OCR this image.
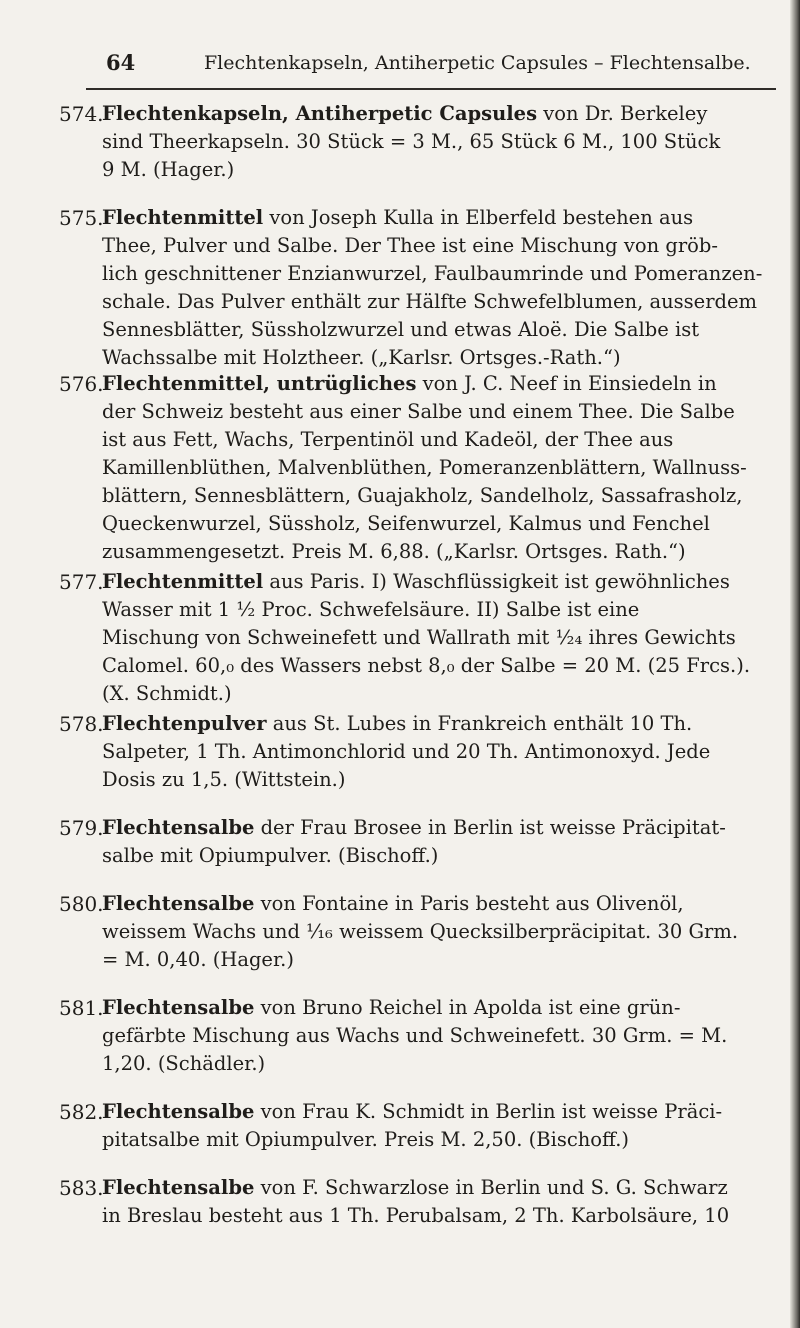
64	Flechtenkapseln, Antiherpetic Capsules – Flechtensalbe.
574.
Flechtenkapseln, Antiherpetic Capsules von Dr. Berkeley
sind Theerkapseln. 30 Stück = 3 M., 65 Stück 6 M., 100 Stück
9 M. (Hager.)
575.
Flechtenmittel von Joseph Kulla in Elberfeld bestehen aus
Thee, Pulver und Salbe. Der Thee ist eine Mischung von gröb-
lich geschnittener Enzianwurzel, Faulbaumrinde und Pomeranzen-
schale. Das Pulver enthält zur Hälfte Schwefelblumen, ausserdem
Sennesblätter, Süssholzwurzel und etwas Aloë. Die Salbe ist
Wachssalbe mit Holztheer. („Karlsr. Ortsges.-Rath.“)
576.
Flechtenmittel, untrügliches von J. C. Neef in Einsiedeln in
der Schweiz besteht aus einer Salbe und einem Thee. Die Salbe
ist aus Fett, Wachs, Terpentinöl und Kadeöl, der Thee aus
Kamillenblüthen, Malvenblüthen, Pomeranzenblättern, Wallnuss-
blättern, Sennesblättern, Guajakholz, Sandelholz, Sassafrasholz,
Queckenwurzel, Süssholz, Seifenwurzel, Kalmus und Fenchel
zusammengesetzt. Preis M. 6,88. („Karlsr. Ortsges. Rath.“)
577.
Flechtenmittel aus Paris. I) Waschflüssigkeit ist gewöhnliches
Wasser mit 1 ½ Proc. Schwefelsäure. II) Salbe ist eine
Mischung von Schweinefett und Wallrath mit ¹⁄₂₄ ihres Gewichts
Calomel. 60,₀ des Wassers nebst 8,₀ der Salbe = 20 M. (25 Frcs.).
(X. Schmidt.)
578.
Flechtenpulver aus St. Lubes in Frankreich enthält 10 Th.
Salpeter, 1 Th. Antimonchlorid und 20 Th. Antimonoxyd. Jede
Dosis zu 1,5. (Wittstein.)
579.
Flechtensalbe der Frau Brosee in Berlin ist weisse Präcipitat-
salbe mit Opiumpulver. (Bischoff.)
580.
Flechtensalbe von Fontaine in Paris besteht aus Olivenöl,
weissem Wachs und ¹⁄₁₆ weissem Quecksilberpräcipitat. 30 Grm.
= M. 0,40. (Hager.)
581.
Flechtensalbe von Bruno Reichel in Apolda ist eine grün-
gefärbte Mischung aus Wachs und Schweinefett. 30 Grm. = M.
1,20. (Schädler.)
582.
Flechtensalbe von Frau K. Schmidt in Berlin ist weisse Präci-
pitatsalbe mit Opiumpulver. Preis M. 2,50. (Bischoff.)
583.
Flechtensalbe von F. Schwarzlose in Berlin und S. G. Schwarz
in Breslau besteht aus 1 Th. Perubalsam, 2 Th. Karbolsäure, 10
